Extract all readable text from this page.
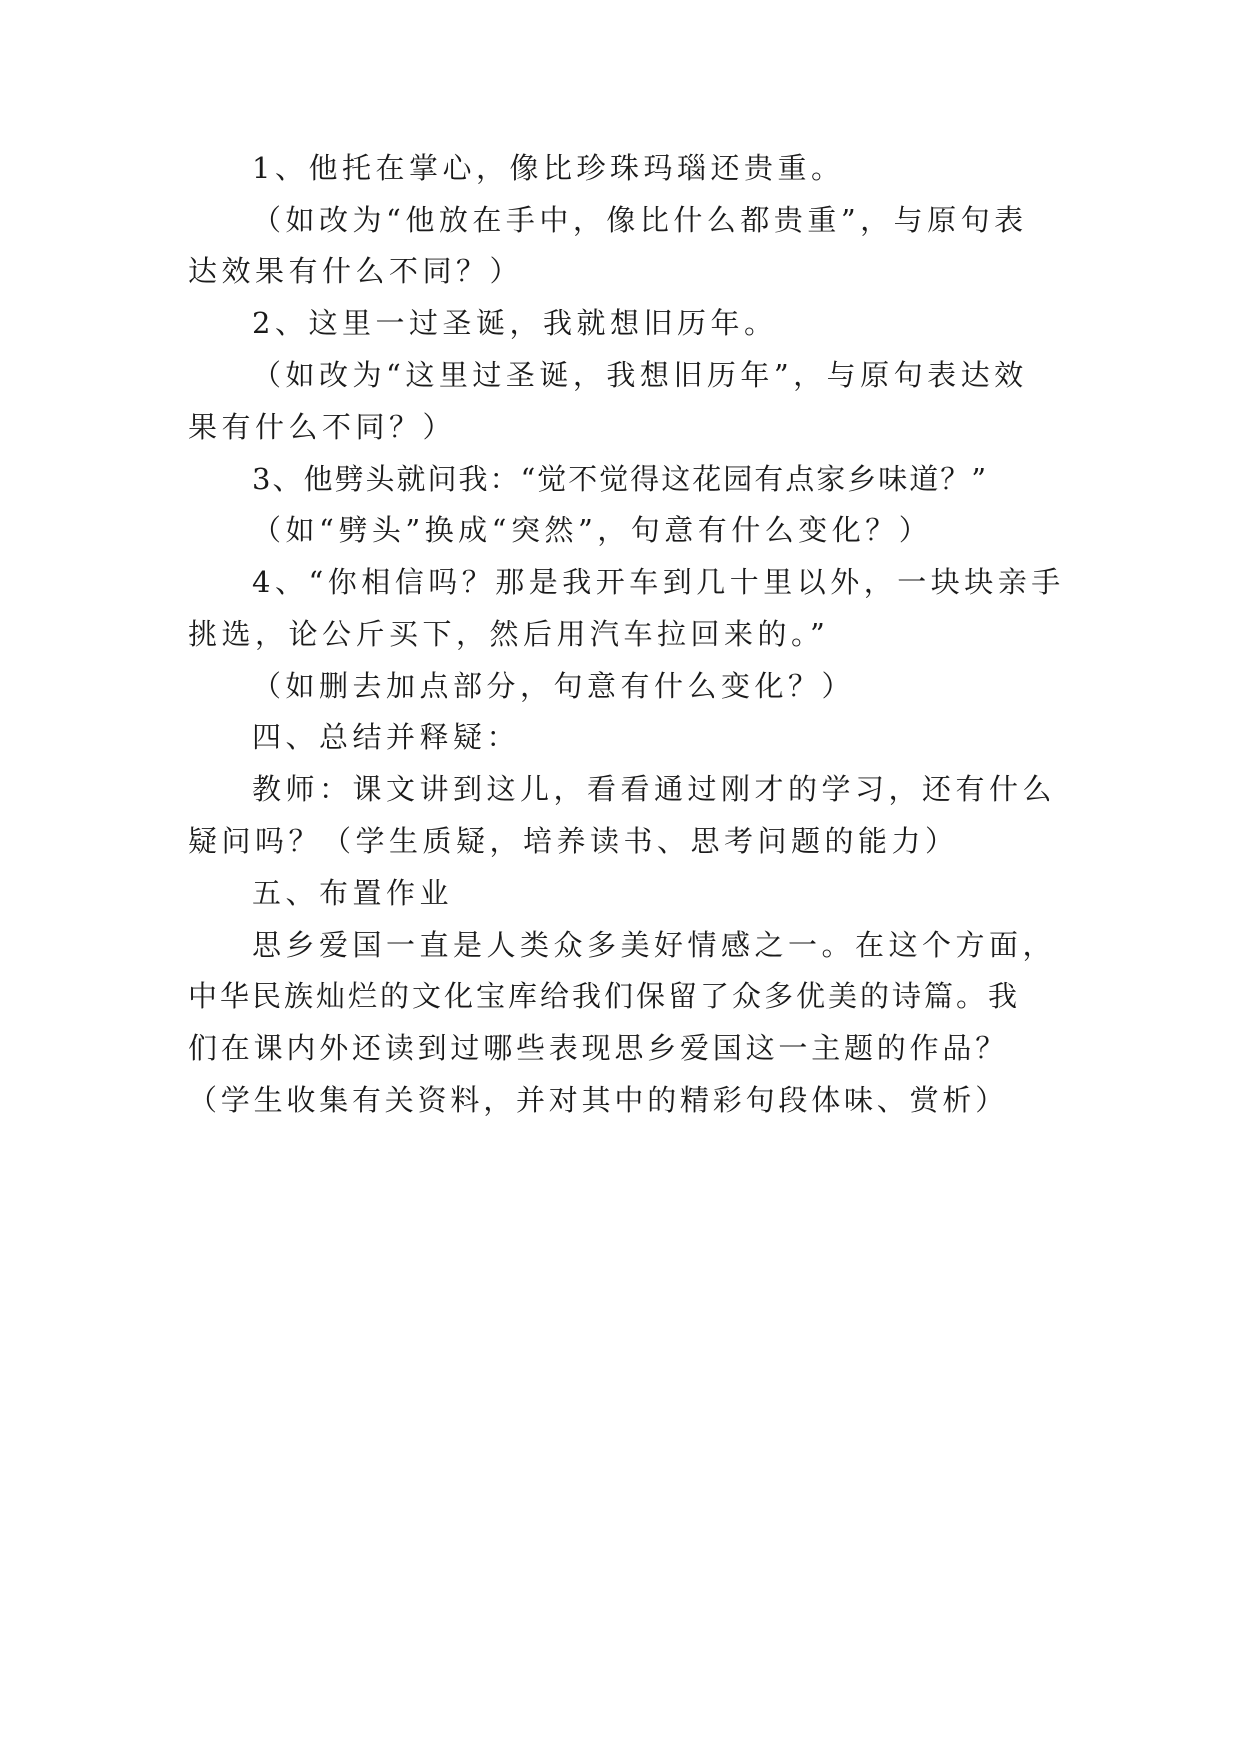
1、他托在掌心，像比珍珠玛瑙还贵重。
（如改为“他放在手中，像比什么都贵重”，与原句表
达效果有什么不同？）
2、这里一过圣诞，我就想旧历年。
（如改为“这里过圣诞，我想旧历年”，与原句表达效
果有什么不同？）
3、他劈头就问我：“觉不觉得这花园有点家乡味道？”
（如“劈头”换成“突然”，句意有什么变化？）
4、“你相信吗？那是我开车到几十里以外，一块块亲手
挑选，论公斤买下，然后用汽车拉回来的。”
（如删去加点部分，句意有什么变化？）
四、总结并释疑：
教师：课文讲到这儿，看看通过刚才的学习，还有什么
疑问吗？（学生质疑，培养读书、思考问题的能力）
五、布置作业
思乡爱国一直是人类众多美好情感之一。在这个方面，
中华民族灿烂的文化宝库给我们保留了众多优美的诗篇。我
们在课内外还读到过哪些表现思乡爱国这一主题的作品？
（学生收集有关资料，并对其中的精彩句段体味、赏析）
